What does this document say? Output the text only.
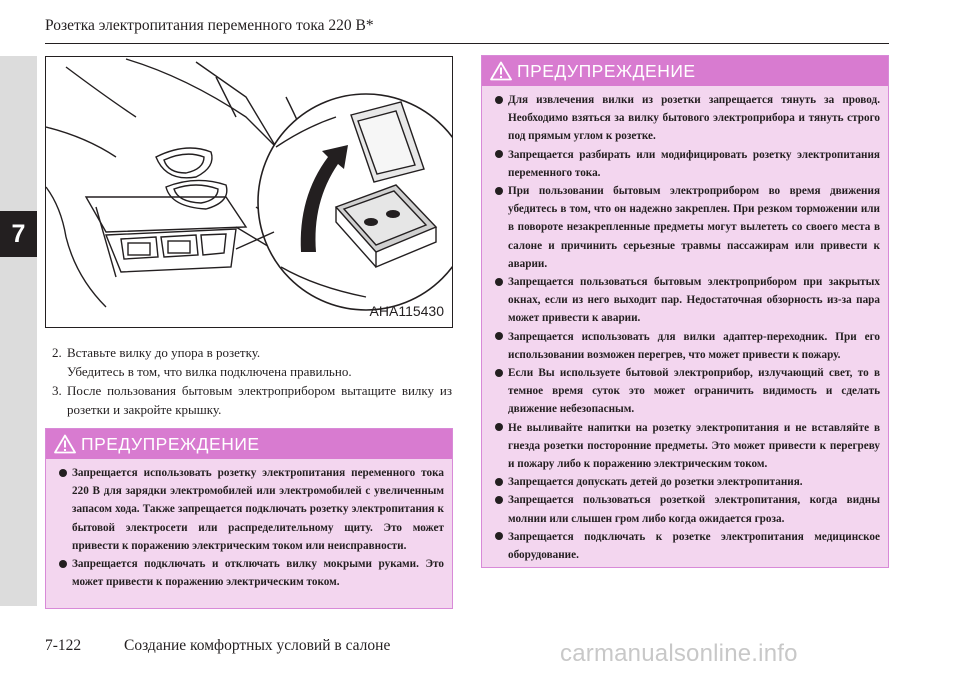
Розетка электропитания переменного тока 220 В*
7
AHA115430
2. Вставьте вилку до упора в розетку.
Убедитесь в том, что вилка подключена правильно.
3. После пользования бытовым электроприбором вытащите вилку из розетки и закройте крышку.
ПРЕДУПРЕЖДЕНИЕ
Запрещается использовать розетку электропитания переменного тока 220 В для зарядки электромобилей или электромобилей с увеличенным запасом хода. Также запрещается подключать розетку электропитания к бытовой электросети или распределительному щиту. Это может привести к поражению электрическим током или неисправности.
Запрещается подключать и отключать вилку мокрыми руками. Это может привести к поражению электрическим током.
ПРЕДУПРЕЖДЕНИЕ
Для извлечения вилки из розетки запрещается тянуть за провод. Необходимо взяться за вилку бытового электроприбора и тянуть строго под прямым углом к розетке.
Запрещается разбирать или модифицировать розетку электропитания переменного тока.
При пользовании бытовым электроприбором во время движения убедитесь в том, что он надежно закреплен. При резком торможении или в повороте незакрепленные предметы могут вылететь со своего места в салоне и причинить серьезные травмы пассажирам или привести к аварии.
Запрещается пользоваться бытовым электроприбором при закрытых окнах, если из него выходит пар. Недостаточная обзорность из-за пара может привести к аварии.
Запрещается использовать для вилки адаптер-переходник. При его использовании возможен перегрев, что может привести к пожару.
Если Вы используете бытовой электроприбор, излучающий свет, то в темное время суток это может ограничить видимость и сделать движение небезопасным.
Не выливайте напитки на розетку электропитания и не вставляйте в гнезда розетки посторонние предметы. Это может привести к перегреву и пожару либо к поражению электрическим током.
Запрещается допускать детей до розетки электропитания.
Запрещается пользоваться розеткой электропитания, когда видны молнии или слышен гром либо когда ожидается гроза.
Запрещается подключать к розетке электропитания медицинское оборудование.
7-122	Создание комфортных условий в салоне	carmanualsonline.info
